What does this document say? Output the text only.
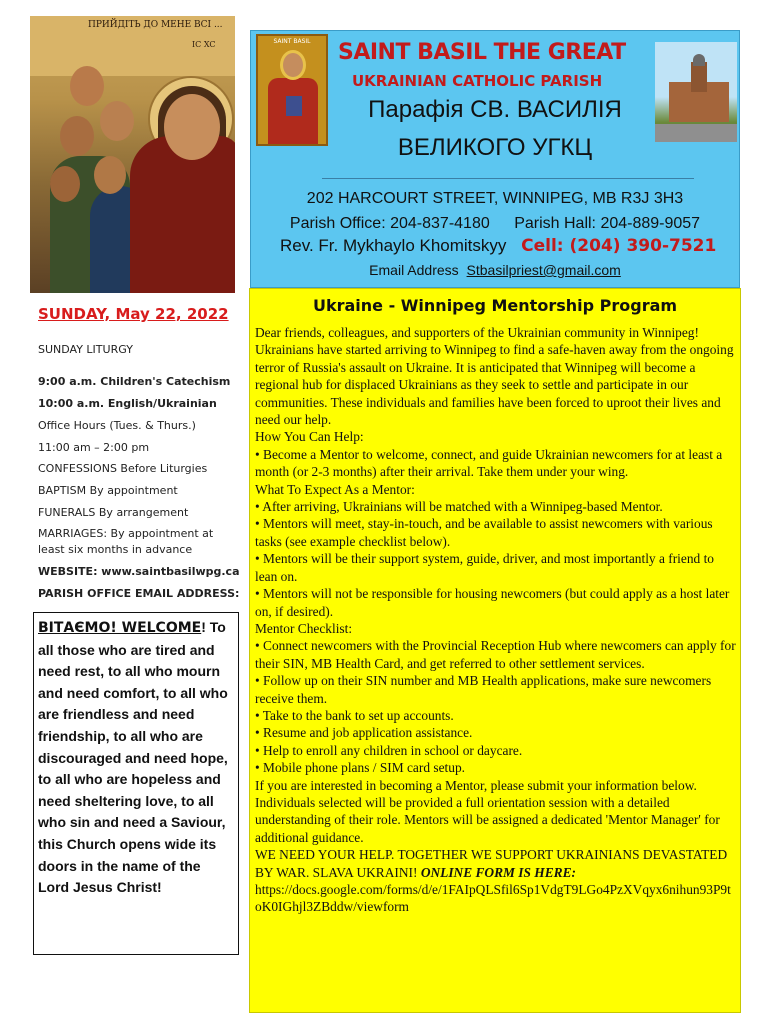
ПРИЙДІТЬ ДО МЕНЕ ВСІ ...
IC XC	SAINT BASIL	SAINT BASIL THE GREAT
UKRAINIAN CATHOLIC PARISH
Парафія СВ. ВАСИЛІЯ
ВЕЛИКОГО УГКЦ
202 HARCOURT STREET, WINNIPEG, MB R3J 3H3
Parish Office: 204-837-4180 Parish Hall: 204-889-9057
Rev. Fr. Mykhaylo Khomitskyy Cell: (204) 390-7521
Email Address Stbasilpriest@gmail.com
SUNDAY, May 22, 2022
SUNDAY LITURGY
9:00 a.m. Children's Catechism
10:00 a.m. English/Ukrainian
Office Hours (Tues. & Thurs.)
11:00 am – 2:00 pm
CONFESSIONS Before Liturgies
BAPTISM By appointment
FUNERALS By arrangement
MARRIAGES: By appointment at
least six months in advance
WEBSITE: www.saintbasilwpg.ca
PARISH OFFICE EMAIL ADDRESS:
ВІТАЄМО! WELCOME! To all those who are tired and need rest, to all who mourn and need comfort, to all who are friendless and need friendship, to all who are discouraged and need hope, to all who are hopeless and need sheltering love, to all who sin and need a Saviour, this Church opens wide its doors in the name of the Lord Jesus Christ!
Ukraine - Winnipeg Mentorship Program

Dear friends, colleagues, and supporters of the Ukrainian community in Winnipeg!

Ukrainians have started arriving to Winnipeg to find a safe-haven away from the ongoing terror of Russia's assault on Ukraine. It is anticipated that Winnipeg will become a regional hub for displaced Ukrainians as they seek to settle and participate in our communities. These individuals and families have been forced to uproot their lives and need our help.

How You Can Help:

• Become a Mentor to welcome, connect, and guide Ukrainian newcomers for at least a month (or 2-3 months) after their arrival. Take them under your wing.

What To Expect As a Mentor:

• After arriving, Ukrainians will be matched with a Winnipeg-based Mentor.

• Mentors will meet, stay-in-touch, and be available to assist newcomers with various tasks (see example checklist below).

• Mentors will be their support system, guide, driver, and most importantly a friend to lean on.

• Mentors will not be responsible for housing newcomers (but could apply as a host later on, if desired).

Mentor Checklist:

• Connect newcomers with the Provincial Reception Hub where newcomers can apply for their SIN, MB Health Card, and get referred to other settlement services.

• Follow up on their SIN number and MB Health applications, make sure newcomers receive them.

• Take to the bank to set up accounts.

• Resume and job application assistance.

• Help to enroll any children in school or daycare.

• Mobile phone plans / SIM card setup.

If you are interested in becoming a Mentor, please submit your information below. Individuals selected will be provided a full orientation session with a detailed understanding of their role. Mentors will be assigned a dedicated 'Mentor Manager' for additional guidance.

WE NEED YOUR HELP. TOGETHER WE SUPPORT UKRAINIANS DEVASTATED BY WAR. SLAVA UKRAINI! ONLINE FORM IS HERE:

https://docs.google.com/forms/d/e/1FAIpQLSfil6Sp1VdgT9LGo4PzXVqyx6nihun93P9toK0IGhjl3ZBddw/viewform
